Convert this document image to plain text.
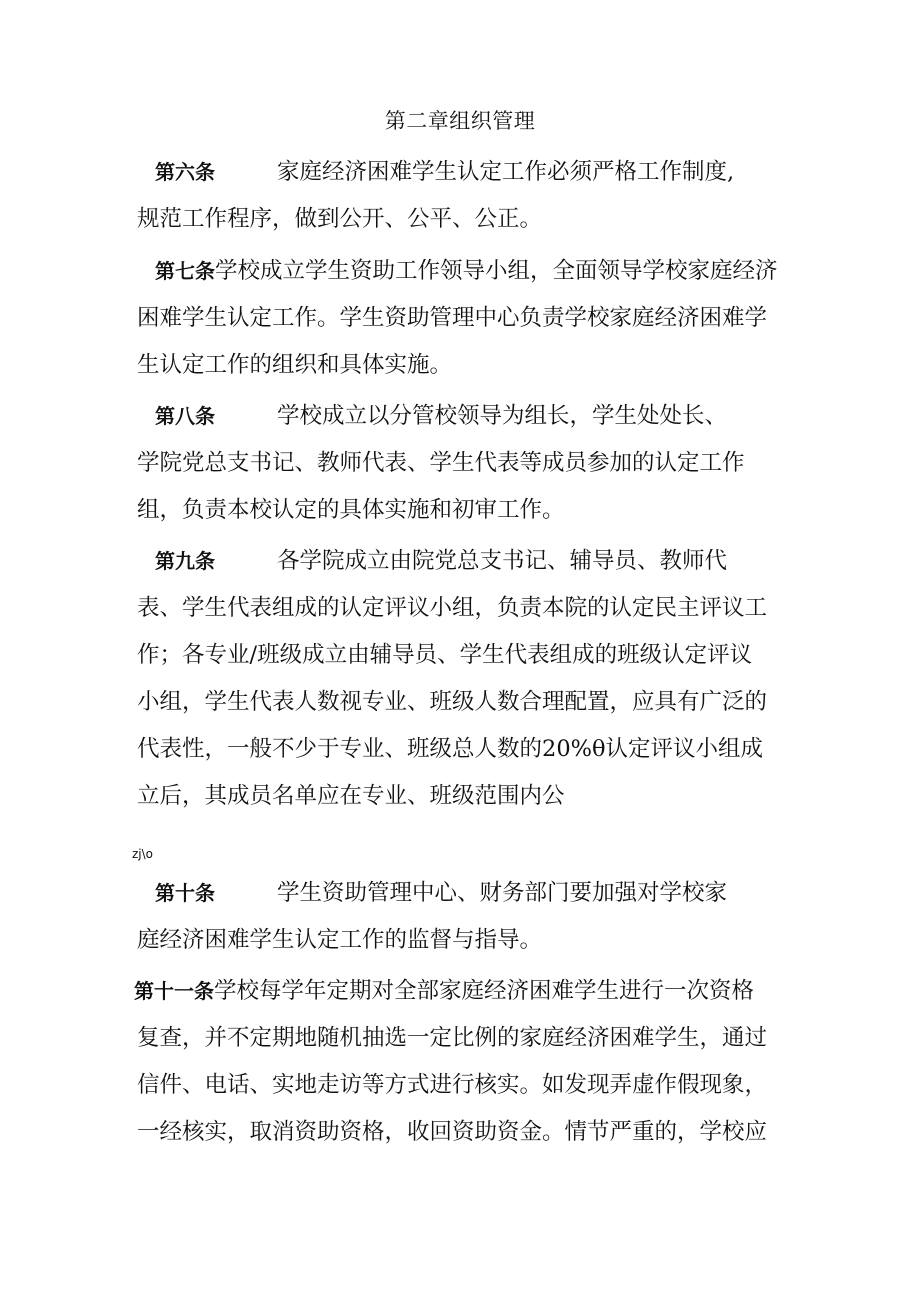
第二章组织管理
第六条	家庭经济困难学生认定工作必须严格工作制度,
规范工作程序，做到公开、公平、公正。
第七条学校成立学生资助工作领导小组，全面领导学校家庭经济
困难学生认定工作。学生资助管理中心负责学校家庭经济困难学
生认定工作的组织和具体实施。
第八条	学校成立以分管校领导为组长，学生处处长、
学院党总支书记、教师代表、学生代表等成员参加的认定工作
组，负责本校认定的具体实施和初审工作。
第九条	各学院成立由院党总支书记、辅导员、教师代
表、学生代表组成的认定评议小组，负责本院的认定民主评议工
作；各专业/班级成立由辅导员、学生代表组成的班级认定评议
小组，学生代表人数视专业、班级人数合理配置，应具有广泛的
代表性，一般不少于专业、班级总人数的20%θ认定评议小组成
立后，其成员名单应在专业、班级范围内公
zj\o
第十条	学生资助管理中心、财务部门要加强对学校家
庭经济困难学生认定工作的监督与指导。
第十一条学校每学年定期对全部家庭经济困难学生进行一次资格
复查，并不定期地随机抽选一定比例的家庭经济困难学生，通过
信件、电话、实地走访等方式进行核实。如发现弄虚作假现象，
一经核实，取消资助资格，收回资助资金。情节严重的，学校应
